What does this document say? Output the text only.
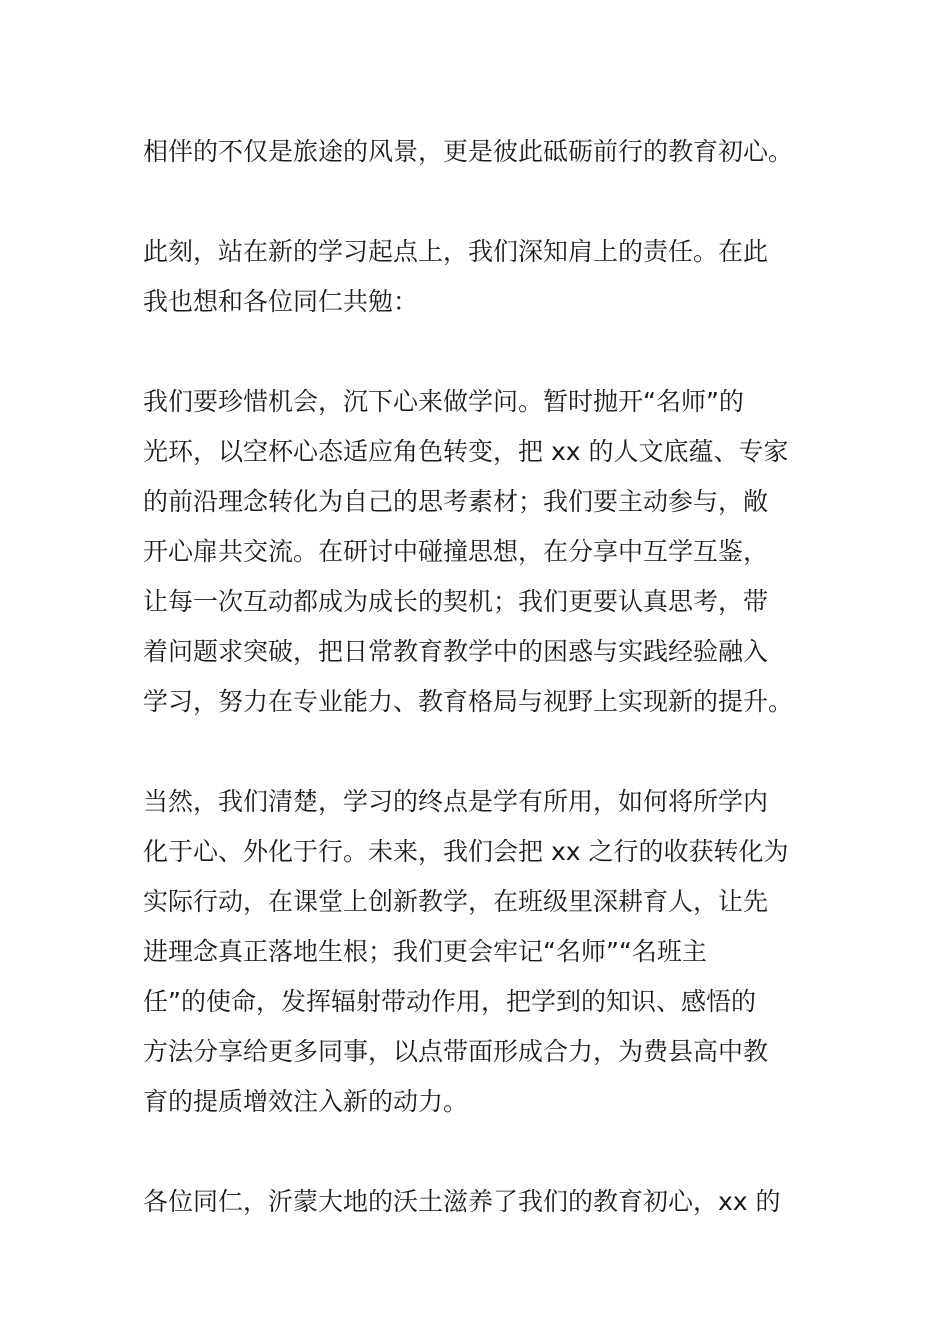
相伴的不仅是旅途的风景，更是彼此砥砺前行的教育初心。

此刻，站在新的学习起点上，我们深知肩上的责任。在此
我也想和各位同仁共勉：

我们要珍惜机会，沉下心来做学问。暂时抛开“名师”的
光环，以空杯心态适应角色转变，把 xx 的人文底蕴、专家
的前沿理念转化为自己的思考素材；我们要主动参与，敞
开心扉共交流。在研讨中碰撞思想，在分享中互学互鉴，
让每一次互动都成为成长的契机；我们更要认真思考，带
着问题求突破，把日常教育教学中的困惑与实践经验融入
学习，努力在专业能力、教育格局与视野上实现新的提升。

当然，我们清楚，学习的终点是学有所用，如何将所学内
化于心、外化于行。未来，我们会把 xx 之行的收获转化为
实际行动，在课堂上创新教学，在班级里深耕育人，让先
进理念真正落地生根；我们更会牢记“名师”“名班主
任”的使命，发挥辐射带动作用，把学到的知识、感悟的
方法分享给更多同事，以点带面形成合力，为费县高中教
育的提质增效注入新的动力。

各位同仁，沂蒙大地的沃土滋养了我们的教育初心，xx 的
